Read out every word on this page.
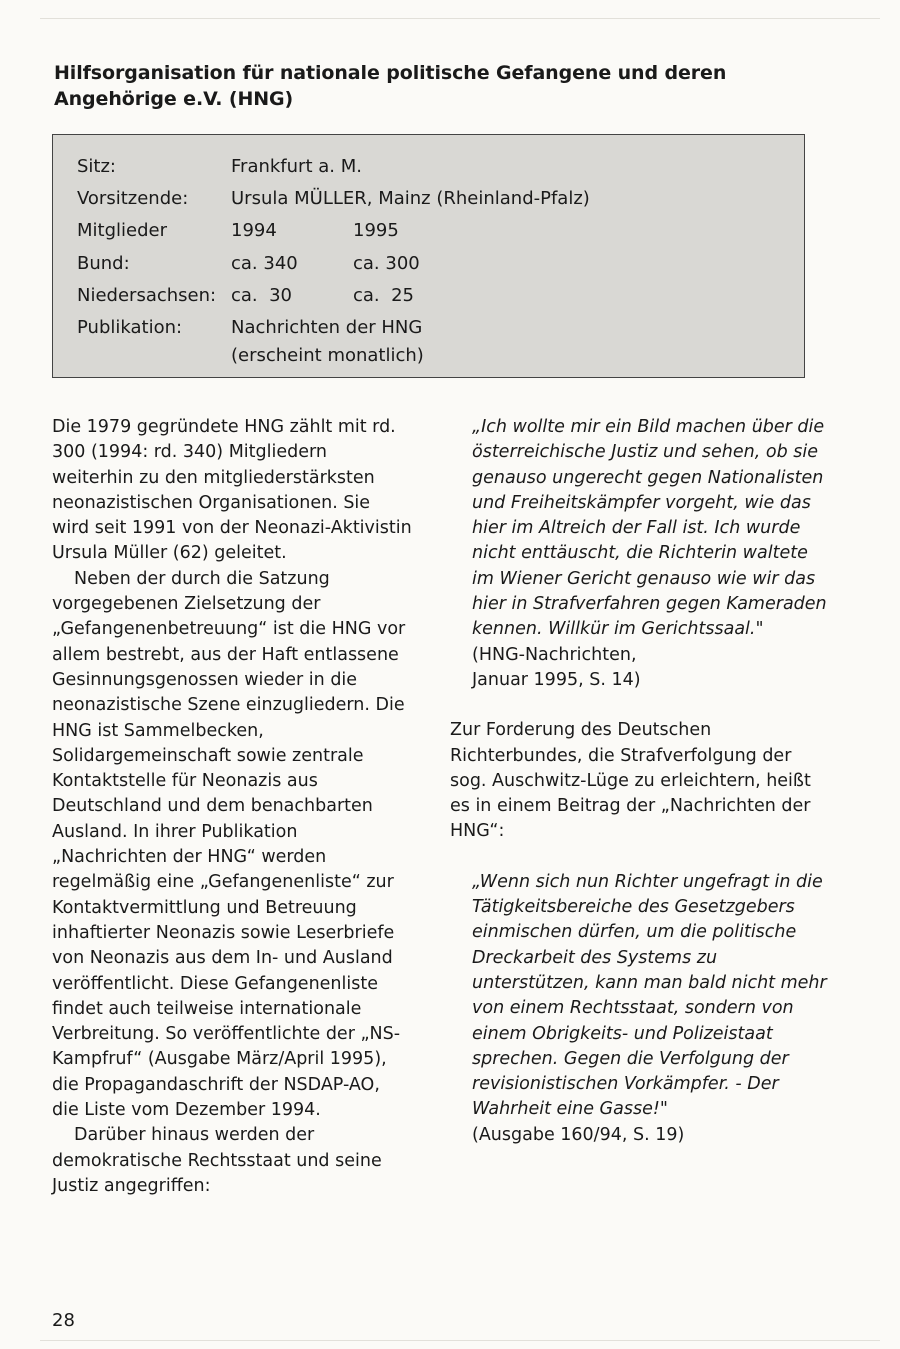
Hilfsorganisation für nationale politische Gefangene und deren Angehörige e.V. (HNG)
Sitz:	Frankfurt a. M.
Vorsitzende: Ursula MÜLLER, Mainz (Rheinland-Pfalz)
Mitglieder	1994	1995
Bund:	ca. 340	ca. 300
Niedersachsen: ca.  30	ca.  25
Publikation:	Nachrichten der HNG
(erscheint monatlich)

Die 1979 gegründete HNG zählt mit rd. 300 (1994: rd. 340) Mitgliedern weiterhin zu den mitgliederstärksten neonazistischen Organisationen. Sie wird seit 1991 von der Neonazi-Aktivistin Ursula Müller (62) geleitet.

Neben der durch die Satzung vorgegebenen Zielsetzung der „Gefangenenbetreuung“ ist die HNG vor allem bestrebt, aus der Haft entlassene Gesinnungsgenossen wieder in die neonazistische Szene einzugliedern. Die HNG ist Sammelbecken, Solidargemeinschaft sowie zentrale Kontaktstelle für Neonazis aus Deutschland und dem benachbarten Ausland. In ihrer Publikation „Nachrichten der HNG“ werden regelmäßig eine „Gefangenenliste“ zur Kontaktvermittlung und Betreuung inhaftierter Neonazis sowie Leserbriefe von Neonazis aus dem In- und Ausland veröffentlicht. Diese Gefangenenliste findet auch teilweise internationale Verbreitung. So veröffentlichte der „NS-Kampfruf“ (Ausgabe März/April 1995), die Propagandaschrift der NSDAP-AO, die Liste vom Dezember 1994.

Darüber hinaus werden der demokratische Rechtsstaat und seine Justiz angegriffen:

„Ich wollte mir ein Bild machen über die österreichische Justiz und sehen, ob sie genauso ungerecht gegen Nationalisten und Freiheitskämpfer vorgeht, wie das hier im Altreich der Fall ist. Ich wurde nicht enttäuscht, die Richterin waltete im Wiener Gericht genauso wie wir das hier in Strafverfahren gegen Kameraden kennen. Willkür im Gerichtssaal."

(HNG-Nachrichten,

Januar 1995, S. 14)

Zur Forderung des Deutschen Richterbundes, die Strafverfolgung der sog. Auschwitz-Lüge zu erleichtern, heißt es in einem Beitrag der „Nachrichten der HNG“:

„Wenn sich nun Richter ungefragt in die Tätigkeitsbereiche des Gesetzgebers einmischen dürfen, um die politische Dreckarbeit des Systems zu unterstützen, kann man bald nicht mehr von einem Rechtsstaat, sondern von einem Obrigkeits- und Polizeistaat sprechen. Gegen die Verfolgung der revisionistischen Vorkämpfer. - Der Wahrheit eine Gasse!"

(Ausgabe 160/94, S. 19)

28
